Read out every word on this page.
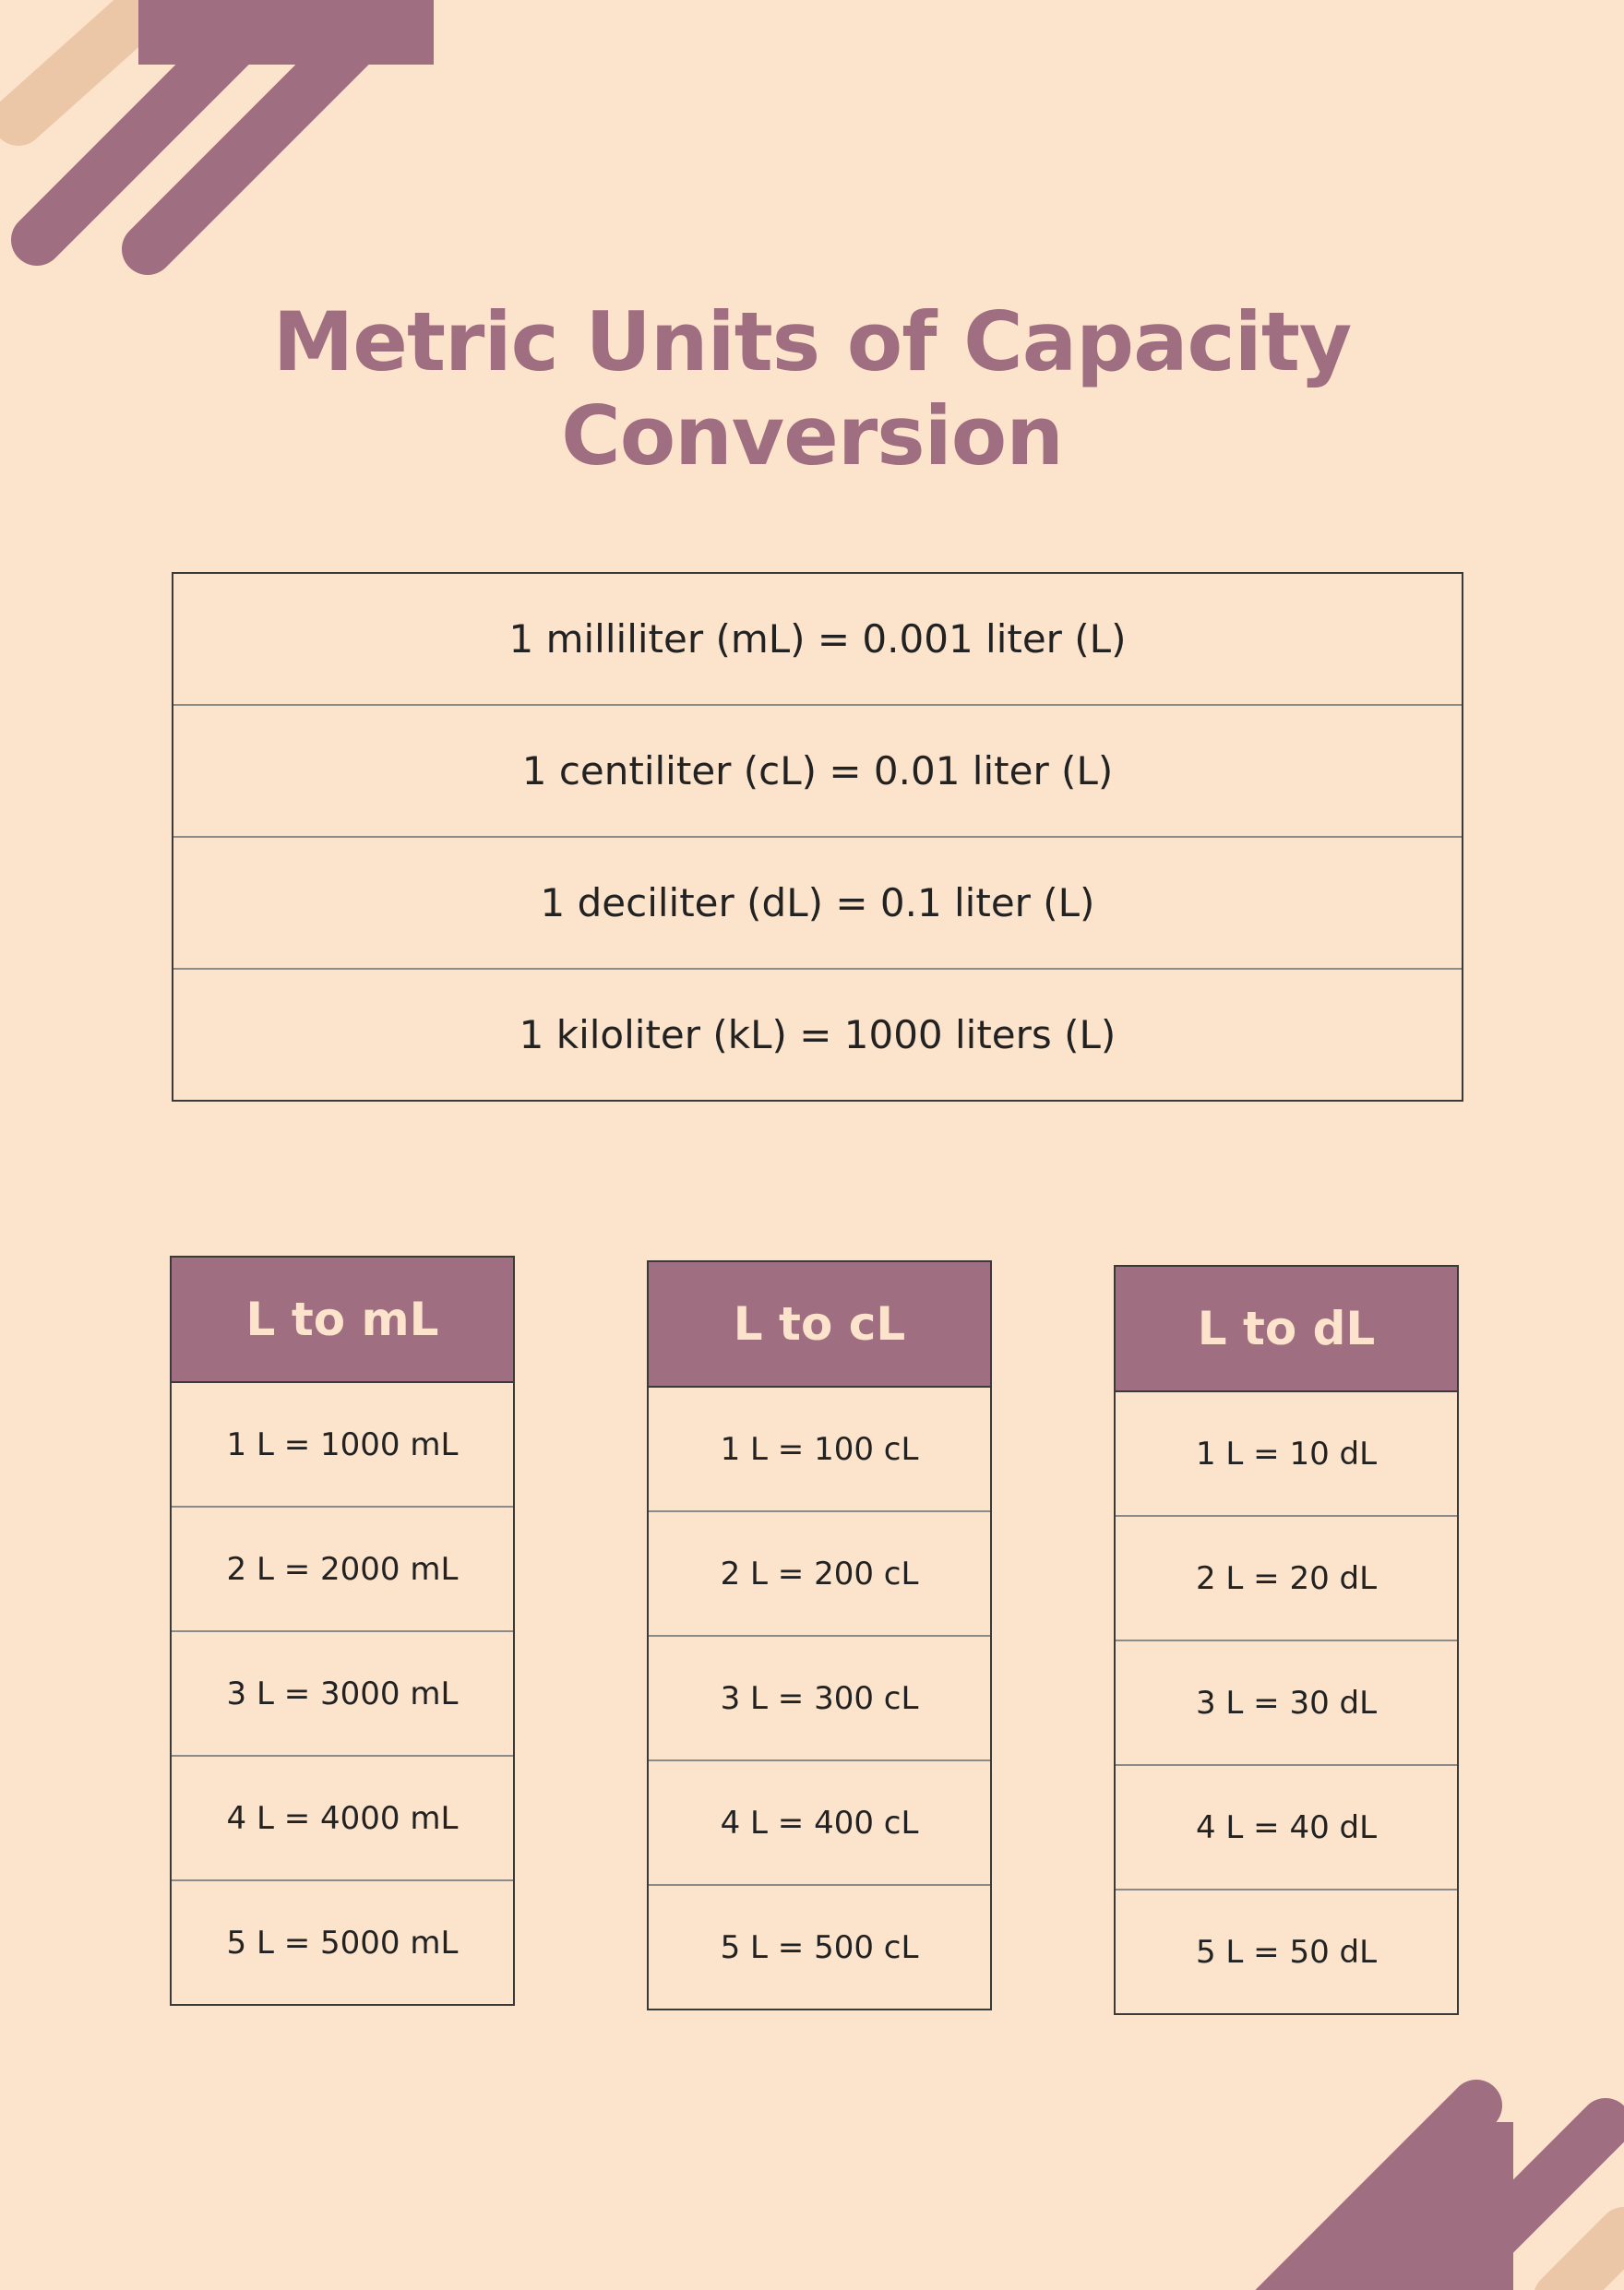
Metric Units of Capacity
Conversion
1 milliliter (mL) = 0.001 liter (L)
1 centiliter (cL) = 0.01 liter (L)
1 deciliter (dL) = 0.1 liter (L)
1 kiloliter (kL) = 1000 liters (L)
L to mL
1 L = 1000 mL
2 L = 2000 mL
3 L = 3000 mL
4 L = 4000 mL
5 L = 5000 mL
L to cL
1 L = 100 cL
2 L = 200 cL
3 L = 300 cL
4 L = 400 cL
5 L = 500 cL
L to dL
1 L = 10 dL
2 L = 20 dL
3 L = 30 dL
4 L = 40 dL
5 L = 50 dL
